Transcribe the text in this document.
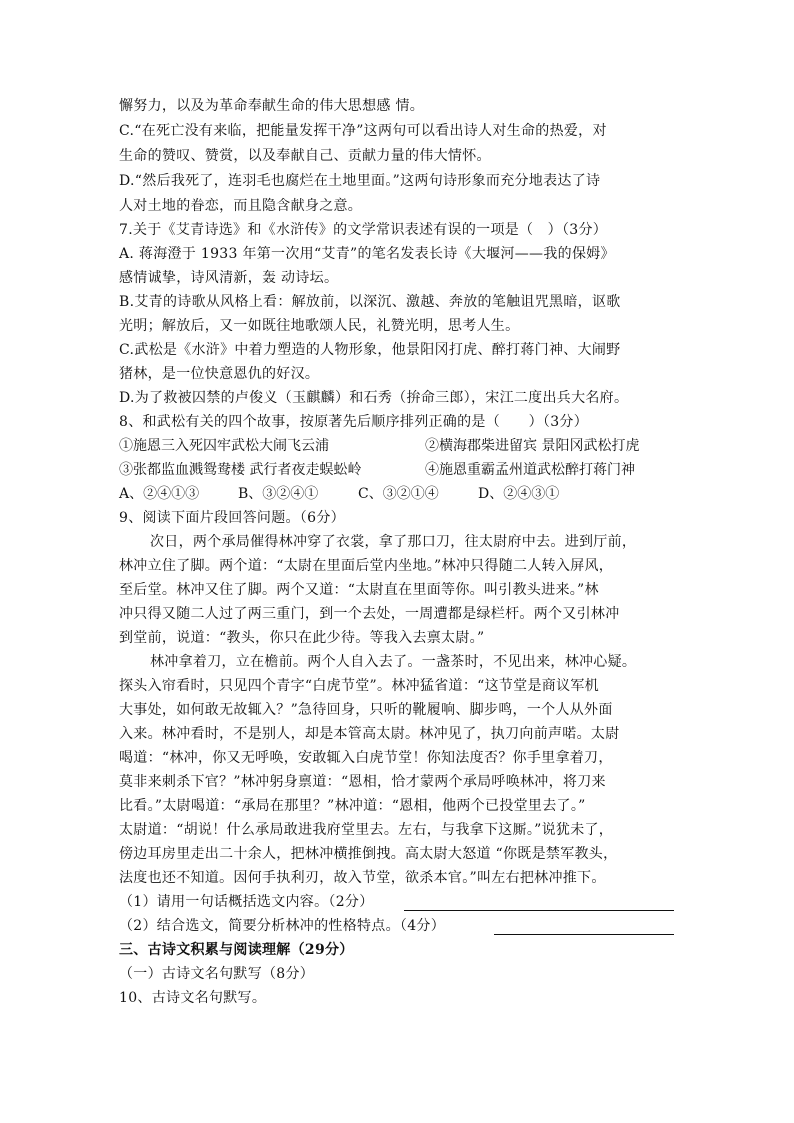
懈努力，以及为革命奉献生命的伟大思想感 情。
C.“在死亡没有来临，把能量发挥干净”这两句可以看出诗人对生命的热爱，对
生命的赞叹、赞赏，以及奉献自己、贡献力量的伟大情怀。
D.“然后我死了，连羽毛也腐烂在土地里面。”这两句诗形象而充分地表达了诗
人对土地的眷恋，而且隐含献身之意。
7.关于《艾青诗选》和《水浒传》的文学常识表述有误的一项是（　）（3分）
A. 蒋海澄于 1933 年第一次用“艾青”的笔名发表长诗《大堰河——我的保姆》
感情诚挚，诗风清新，轰 动诗坛。
B.艾青的诗歌从风格上看：解放前，以深沉、激越、奔放的笔触诅咒黑暗，讴歌
光明；解放后，又一如既往地歌颂人民，礼赞光明，思考人生。
C.武松是《水浒》中着力塑造的人物形象，他景阳冈打虎、醉打蒋门神、大闹野
猪林，是一位快意恩仇的好汉。
D.为了救被囚禁的卢俊义（玉麒麟）和石秀（拚命三郎），宋江二度出兵大名府。
8、和武松有关的四个故事，按原著先后顺序排列正确的是（　　）（3分）
①施恩三入死囚牢武松大闹飞云浦	②横海郡柴进留宾 景阳冈武松打虎
③张都监血溅鸳鸯楼 武行者夜走蜈蚣岭	④施恩重霸孟州道武松醉打蒋门神
A、②④①③	B、③②④①	C、③②①④	D、②④③①
9、阅读下面片段回答问题。（6分）
次日，两个承局催得林冲穿了衣裳，拿了那口刀，往太尉府中去。进到厅前，
林冲立住了脚。两个道：“太尉在里面后堂内坐地。”林冲只得随二人转入屏风，
至后堂。林冲又住了脚。两个又道：“太尉直在里面等你。叫引教头进来。”林
冲只得又随二人过了两三重门，到一个去处，一周遭都是绿栏杆。两个又引林冲
到堂前，说道：“教头，你只在此少待。等我入去禀太尉。”
林冲拿着刀，立在檐前。两个人自入去了。一盏茶时，不见出来，林冲心疑。
探头入帘看时，只见四个青字“白虎节堂”。林冲猛省道：“这节堂是商议军机
大事处，如何敢无故辄入？”急待回身，只听的靴履响、脚步鸣，一个人从外面
入来。林冲看时，不是别人，却是本管高太尉。林冲见了，执刀向前声喏。太尉
喝道：“林冲，你又无呼唤，安敢辄入白虎节堂！你知法度否？你手里拿着刀，
莫非来刺杀下官？”林冲躬身禀道：“恩相，恰才蒙两个承局呼唤林冲，将刀来
比看。”太尉喝道：“承局在那里？”林冲道：“恩相，他两个已投堂里去了。”
太尉道：“胡说！什么承局敢进我府堂里去。左右，与我拿下这厮。”说犹未了，
傍边耳房里走出二十余人，把林冲横推倒拽。高太尉大怒道 “你既是禁军教头，
法度也还不知道。因何手执利刃，故入节堂，欲杀本官。”叫左右把林冲推下。
（1）请用一句话概括选文内容。（2分）
（2）结合选文，简要分析林冲的性格特点。（4分）
三、古诗文积累与阅读理解（29分）
（一）古诗文名句默写（8分）
10、古诗文名句默写。
